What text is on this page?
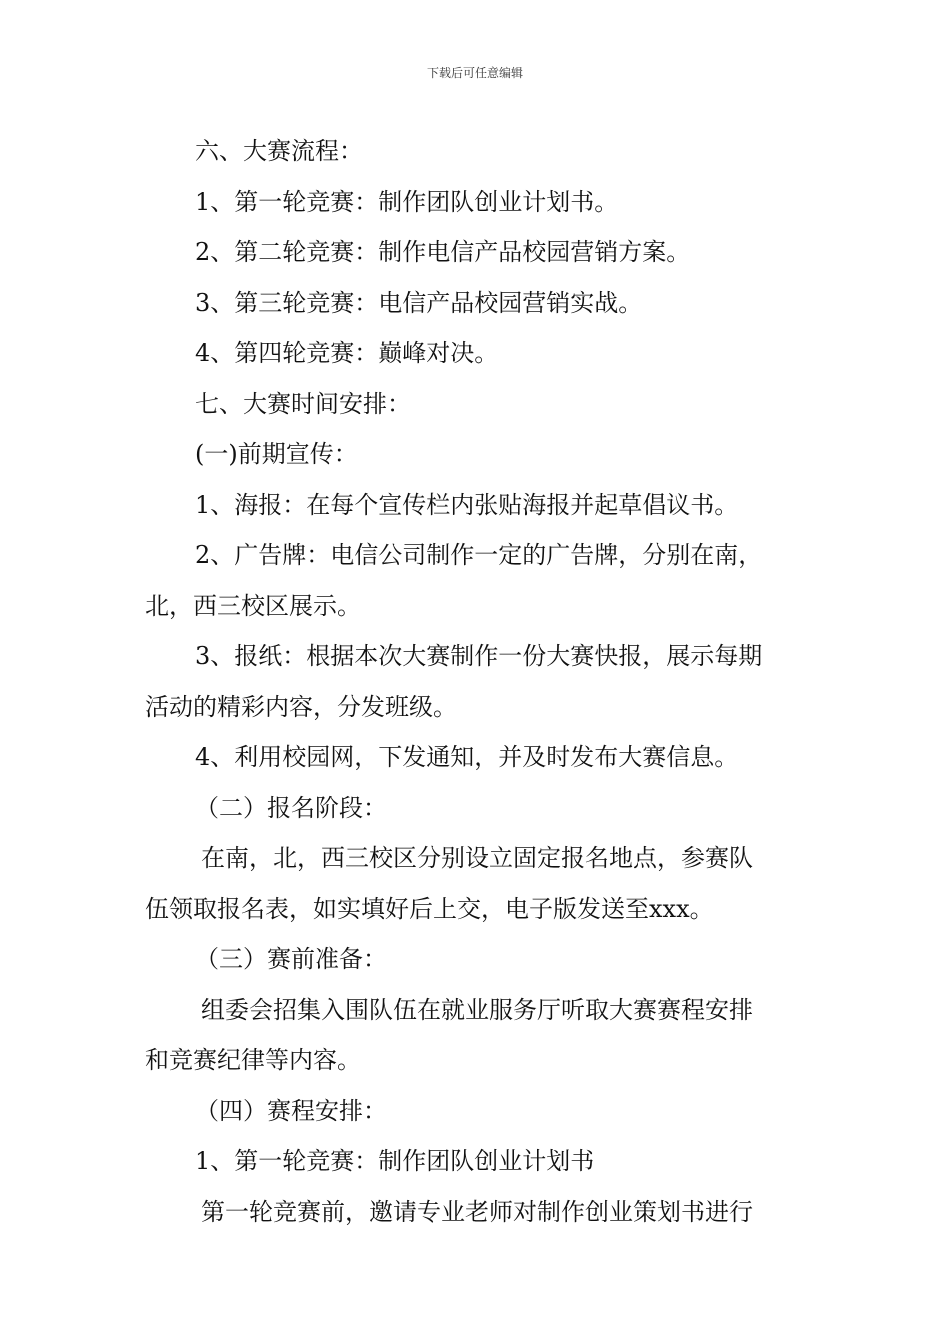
下载后可任意编辑
六、大赛流程：
1、第一轮竞赛：制作团队创业计划书。
2、第二轮竞赛：制作电信产品校园营销方案。
3、第三轮竞赛：电信产品校园营销实战。
4、第四轮竞赛：巅峰对决。
七、大赛时间安排：
(一)前期宣传：
1、海报：在每个宣传栏内张贴海报并起草倡议书。
2、广告牌：电信公司制作一定的广告牌，分别在南，
北，西三校区展示。
3、报纸：根据本次大赛制作一份大赛快报，展示每期
活动的精彩内容，分发班级。
4、利用校园网，下发通知，并及时发布大赛信息。
（二）报名阶段：
在南，北，西三校区分别设立固定报名地点，参赛队
伍领取报名表，如实填好后上交，电子版发送至xxx。
（三）赛前准备：
组委会招集入围队伍在就业服务厅听取大赛赛程安排
和竞赛纪律等内容。
（四）赛程安排：
1、第一轮竞赛：制作团队创业计划书
第一轮竞赛前，邀请专业老师对制作创业策划书进行
